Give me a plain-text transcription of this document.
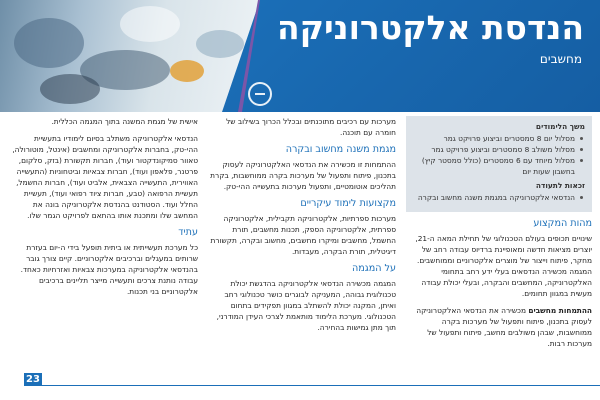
הנדסת אלקטרוניקה
מחשבים
משך הלימודים
מסלול יום 8 סמסטרים וביצוע פרויקט גמר
מסלול משולב 8 סמסטרים וביצוע פרויקט גמר
מסלול מיוחד עם 6 סמסטרים (כולל סמסטר קיץ) בחשבון שעות יום
זכאות לתעודה
הנדסאי אלקטרוניקה במגמת משנה מחשוב ובקרה
מהות המקצוע

שינויים תכופים בעולם הטכנולוגי של תחילת המאה ה-21, יוצרים מציאות חדשה ומאופיינת ברדיוס עבודה רחב של מחקר, פיתוח וייצור של מוצרים אלקטרוניים וממוחשבים. המגמה מכשירה הנדסאים בעלי ידע רחב בתחומי האלקטרוניקה, המחשבים והבקרה, ובעלי יכולת עבודה מעשית במגוון תחומים.

ההתמחות מחשבים מכשירה את הנדסאי האלקטרוניקה לעסוק בתכנון, פיתוח ותפעול של מערכות בקרה ממוחשבות, שבהן משולבים מחשב, פיתוח ותפעול של מערכות רבות.

מערכות עם רכיבים מתוכנתים ובכלל הכרוך בשילוב של חומרה עם תוכנה.

מגמת משנה מחשוב ובקרה

ההתמחות זו מכשירה את הנדסאי האלקטרוניקה לעסוק בתכנון, פיתוח ותפעול של מערכות בקרה ממוחשבות, בקרת תהליכים אוטומטיים, ותפעול מערכות בתעשייה ההי-טק.

מקצועות לימוד עיקריים

מערכות ספרתיות, אלקטרוניקה תקבילית, אלקטרוניקה ספרתית, אלקטרוניקה הספק, תכנות מחשבים, תורת החשמל, מחשבים ומיקרו מחשבים, מחשוב ובקרה, תקשורת דיגיטלית, תורת הבקרה, מעבדות.

על המגמה

המגמה מכשירה הנדסאי אלקטרוניקה בהדגשת יכולת טכנולוגית גבוהה, המעניקה לבוגרים כושר טכנולוגי רחב ואיתן, המקנה יכולת להשתלב במגוון תפקידים בתחום הטכנולוגי. מערכת הלימוד מותאמת לצרכי העידן המודרני, תוך מתן גמישות בהחירה.

אישית של מגמת המשנה בתוך המגמה הכללית.

הנדסאי אלקטרוניקה משתלב בסיום לימודיו בתעשיית ההי-טק, בחברות אלקטרוניקה ומחשבים (אינטל, מוטורולה, טאוור סמיקונדקטור ועוד), חברות תקשורת (בזק, סלקום, פרטנר, פלאפון ועוד), חברות צבאיות וביטחוניות (התעשייה האווירית, התעשייה הצבאית, אלביט ועוד), חברות החשמל, תעשיית הרפואה (טבע, חברות ציוד רפואי ועוד), תעשיית החלל ועוד. הסטודנט בהנדסת אלקטרוניקה בונה את המחשב שלו ומתכנת אותו בהתאם לפרויקט הגמר שלו.

עתיד

כל מערכת תעשייתית או ביתית תופעל בידי ה-יום בעזרת שרותים במעגלים וברכיבים אלקטרוניים. קיים צורך גובר בהנדסאי אלקטרוניקה במערכות צבאיות ואזרחיות כאחד. עבודה נותנת צרכים ותעשייה מייצר תליינים ברכיבים אלקטרוניים בני תכנות.

23
